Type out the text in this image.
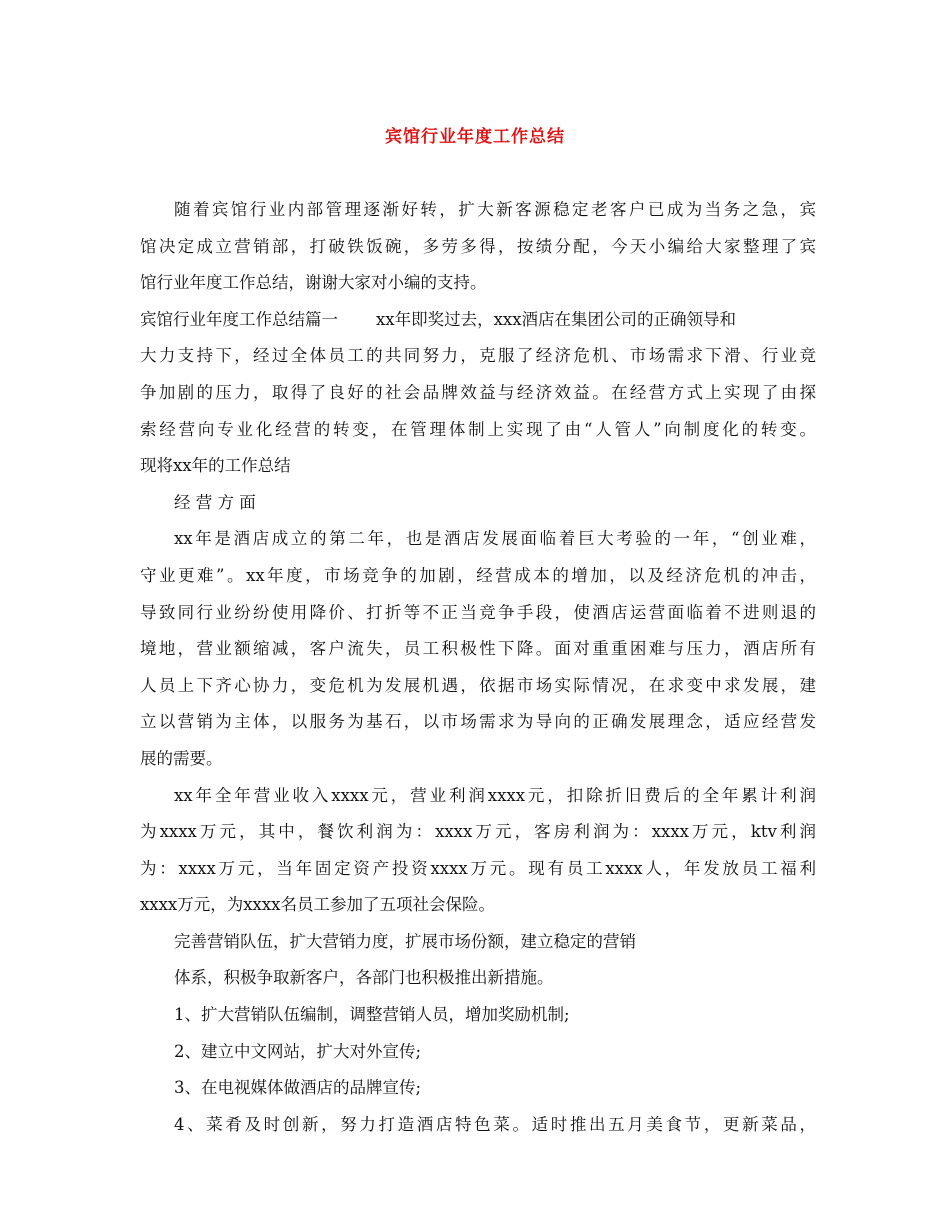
宾馆行业年度工作总结
随着宾馆行业内部管理逐渐好转，扩大新客源稳定老客户已成为当务之急，宾
馆决定成立营销部，打破铁饭碗，多劳多得，按绩分配，今天小编给大家整理了宾
馆行业年度工作总结，谢谢大家对小编的支持。
宾馆行业年度工作总结篇一 xx年即奖过去，xxx酒店在集团公司的正确领导和
大力支持下，经过全体员工的共同努力，克服了经济危机、市场需求下滑、行业竞
争加剧的压力，取得了良好的社会品牌效益与经济效益。在经营方式上实现了由探
索经营向专业化经营的转变，在管理体制上实现了由“人管人”向制度化的转变。
现将xx年的工作总结
经 营 方 面
xx年是酒店成立的第二年，也是酒店发展面临着巨大考验的一年，“创业难，
守业更难”。xx年度，市场竞争的加剧，经营成本的增加，以及经济危机的冲击，
导致同行业纷纷使用降价、打折等不正当竞争手段，使酒店运营面临着不进则退的
境地，营业额缩减，客户流失，员工积极性下降。面对重重困难与压力，酒店所有
人员上下齐心协力，变危机为发展机遇，依据市场实际情况，在求变中求发展，建
立以营销为主体，以服务为基石，以市场需求为导向的正确发展理念，适应经营发
展的需要。
xx年全年营业收入xxxx元，营业利润xxxx元，扣除折旧费后的全年累计利润
为xxxx万元，其中，餐饮利润为：xxxx万元，客房利润为：xxxx万元，ktv利润
为：xxxx万元，当年固定资产投资xxxx万元。现有员工xxxx人，年发放员工福利
xxxx万元，为xxxx名员工参加了五项社会保险。
完善营销队伍，扩大营销力度，扩展市场份额，建立稳定的营销
体系，积极争取新客户，各部门也积极推出新措施。
1、扩大营销队伍编制，调整营销人员，增加奖励机制;
2、建立中文网站，扩大对外宣传;
3、在电视媒体做酒店的品牌宣传;
4、菜肴及时创新，努力打造酒店特色菜。适时推出五月美食节，更新菜品，
